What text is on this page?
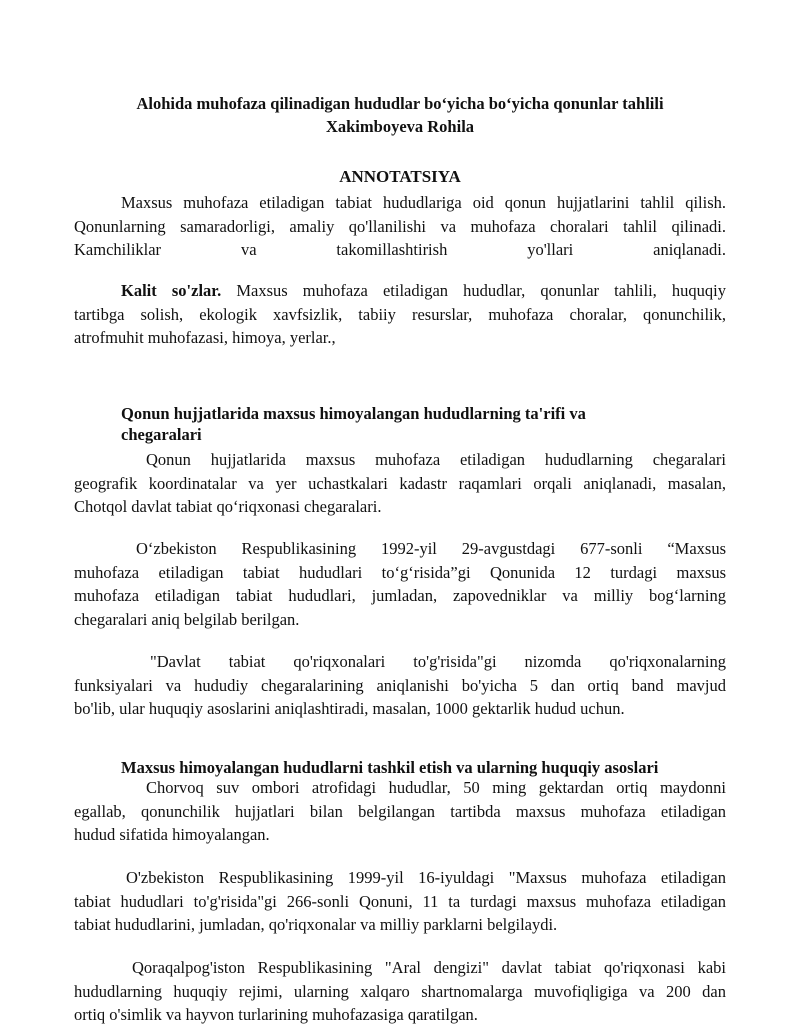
Alohida muhofaza qilinadigan hududlar bo‘yicha bo‘yicha qonunlar tahlili
Xakimboyeva Rohila
ANNOTATSIYA
Maxsus muhofaza etiladigan tabiat hududlariga oid qonun hujjatlarini tahlil qilish.
Qonunlarning samaradorligi, amaliy qo'llanilishi va muhofaza choralari tahlil qilinadi.
Kamchiliklar va takomillashtirish yo'llari aniqlanadi.
Kalit so'zlar. Maxsus muhofaza etiladigan hududlar, qonunlar tahlili, huquqiy
tartibga solish, ekologik xavfsizlik, tabiiy resurslar, muhofaza choralar, qonunchilik,
atrofmuhit muhofazasi, himoya, yerlar.,
Qonun hujjatlarida maxsus himoyalangan hududlarning ta'rifi va
chegaralari
Qonun hujjatlarida maxsus muhofaza etiladigan hududlarning chegaralari
geografik koordinatalar va yer uchastkalari kadastr raqamlari orqali aniqlanadi, masalan,
Chotqol davlat tabiat qo‘riqxonasi chegaralari.
O‘zbekiston Respublikasining 1992-yil 29-avgustdagi 677-sonli “Maxsus
muhofaza etiladigan tabiat hududlari to‘g‘risida”gi Qonunida 12 turdagi maxsus
muhofaza etiladigan tabiat hududlari, jumladan, zapovedniklar va milliy bog‘larning
chegaralari aniq belgilab berilgan.
"Davlat tabiat qo'riqxonalari to'g'risida"gi nizomda qo'riqxonalarning
funksiyalari va hududiy chegaralarining aniqlanishi bo'yicha 5 dan ortiq band mavjud
bo'lib, ular huquqiy asoslarini aniqlashtiradi, masalan, 1000 gektarlik hudud uchun.
Maxsus himoyalangan hududlarni tashkil etish va ularning huquqiy asoslari
Chorvoq suv ombori atrofidagi hududlar, 50 ming gektardan ortiq maydonni
egallab, qonunchilik hujjatlari bilan belgilangan tartibda maxsus muhofaza etiladigan
hudud sifatida himoyalangan.
O'zbekiston Respublikasining 1999-yil 16-iyuldagi "Maxsus muhofaza etiladigan
tabiat hududlari to'g'risida"gi 266-sonli Qonuni, 11 ta turdagi maxsus muhofaza etiladigan
tabiat hududlarini, jumladan, qo'riqxonalar va milliy parklarni belgilaydi.
Qoraqalpog'iston Respublikasining "Aral dengizi" davlat tabiat qo'riqxonasi kabi
hududlarning huquqiy rejimi, ularning xalqaro shartnomalarga muvofiqligiga va 200 dan
ortiq o'simlik va hayvon turlarining muhofazasiga qaratilgan.
